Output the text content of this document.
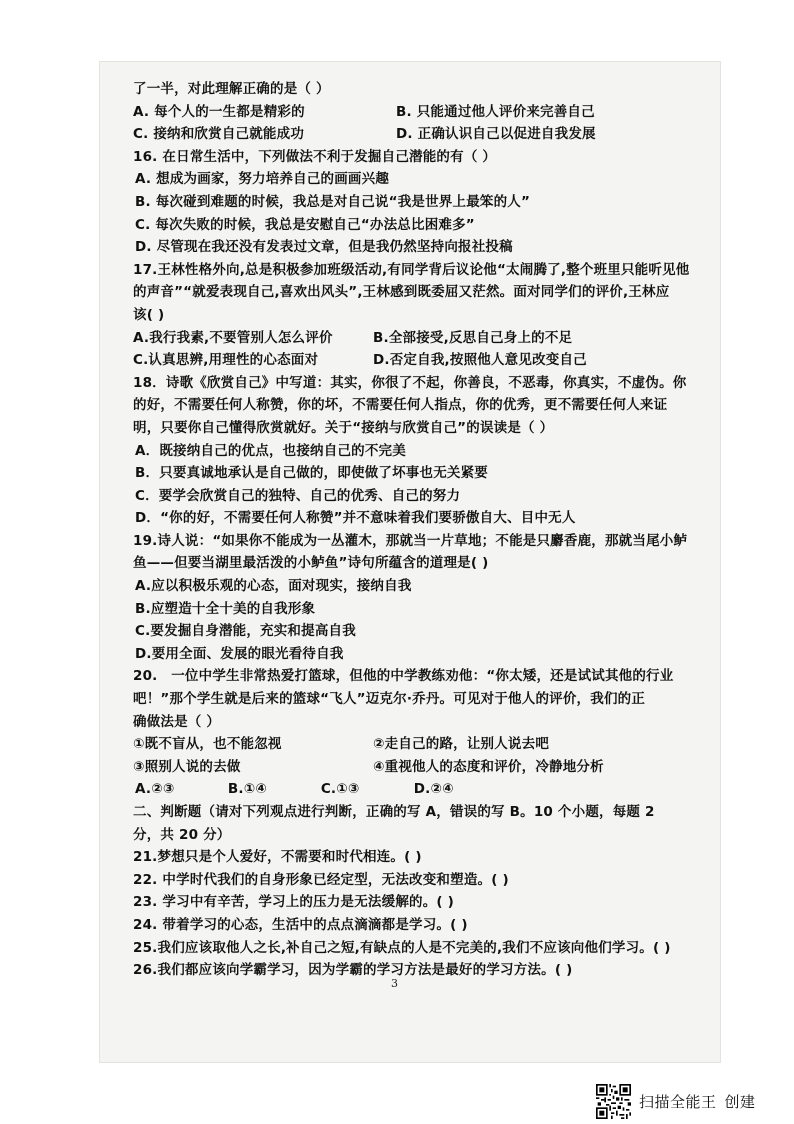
了一半，对此理解正确的是（ ）
A. 每个人的一生都是精彩的	B. 只能通过他人评价来完善自己
C. 接纳和欣赏自己就能成功	D. 正确认识自己以促进自我发展
16. 在日常生活中，下列做法不利于发掘自己潜能的有（ ）
A. 想成为画家，努力培养自己的画画兴趣
B. 每次碰到难题的时候，我总是对自己说“我是世界上最笨的人”
C. 每次失败的时候，我总是安慰自己“办法总比困难多”
D. 尽管现在我还没有发表过文章，但是我仍然坚持向报社投稿
17.王林性格外向,总是积极参加班级活动,有同学背后议论他“太闹腾了,整个班里只能听见他
的声音”“就爱表现自己,喜欢出风头”,王林感到既委屈又茫然。面对同学们的评价,王林应
该( )
A.我行我素,不要管别人怎么评价	B.全部接受,反思自己身上的不足
C.认真思辨,用理性的心态面对	D.否定自我,按照他人意见改变自己
18．诗歌《欣赏自己》中写道：其实，你很了不起，你善良，不恶毒，你真实，不虚伪。你
的好，不需要任何人称赞，你的坏，不需要任何人指点，你的优秀，更不需要任何人来证
明，只要你自己懂得欣赏就好。关于“接纳与欣赏自己”的误读是（ ）
A．既接纳自己的优点，也接纳自己的不完美
B．只要真诚地承认是自己做的，即使做了坏事也无关紧要
C．要学会欣赏自己的独特、自己的优秀、自己的努力
D．“你的好，不需要任何人称赞”并不意味着我们要骄傲自大、目中无人
19.诗人说：“如果你不能成为一丛灌木，那就当一片草地；不能是只麝香鹿，那就当尾小鲈
鱼——但要当湖里最活泼的小鲈鱼”诗句所蕴含的道理是( )
A.应以积极乐观的心态，面对现实，接纳自我
B.应塑造十全十美的自我形象
C.要发掘自身潜能，充实和提高自我
D.要用全面、发展的眼光看待自我
20.　一位中学生非常热爱打篮球，但他的中学教练劝他：“你太矮，还是试试其他的行业
吧！”那个学生就是后来的篮球“飞人”迈克尔·乔丹。可见对于他人的评价，我们的正
确做法是（ ）
①既不盲从，也不能忽视	②走自己的路，让别人说去吧
③照别人说的去做	④重视他人的态度和评价，冷静地分析
A.②③	B.①④	C.①③	D.②④
二、判断题（请对下列观点进行判断，正确的写 A，错误的写 B。10 个小题，每题 2
分，共 20 分）
21.梦想只是个人爱好，不需要和时代相连。( )
22. 中学时代我们的自身形象已经定型，无法改变和塑造。( )
23. 学习中有辛苦，学习上的压力是无法缓解的。( )
24. 带着学习的心态，生活中的点点滴滴都是学习。( )
25.我们应该取他人之长,补自己之短,有缺点的人是不完美的,我们不应该向他们学习。( )
26.我们都应该向学霸学习，因为学霸的学习方法是最好的学习方法。( )
3
扫描全能王 创建
